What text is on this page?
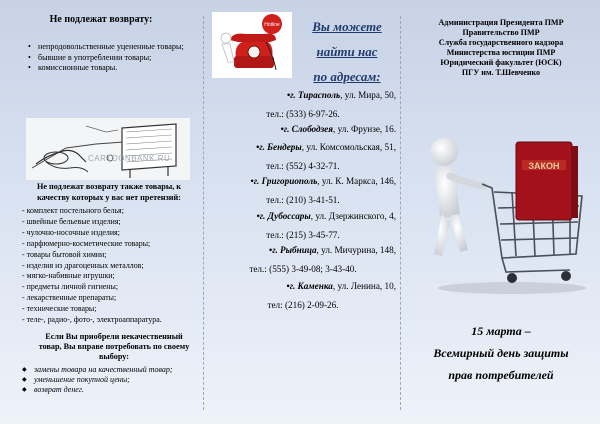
Не подлежат возврату:
• непродовольственные уцененные товары;
• бывшие в употреблении товары;
• комиссионные товары.
CARTOONBANK.RU
Не подлежат возврату также товары, к качеству которых у вас нет претензий:
- комплект постельного белья;
- швейные бельевые изделия;
- чулочно-носочные изделия;
- парфюмерно-косметические товары;
- товары бытовой химии;
- изделия из драгоценных металлов;
- мягко-набивные игрушки;
- предметы личной гигиены;
- лекарственные препараты;
- технические товары;
- теле-, радио-, фото-, электроаппаратура.
Если Вы приобрели некачественный товар, Вы вправе потребовать по своему выбору:
◆ замены товара на качественный товар;
◆ уменьшение покупной цены;
◆ возврат денег.
Hotline	Вы можете
найти нас
по адресам:
•г. Тирасполь, ул. Мира, 50,
тел.: (533) 6-97-26.
•г. Слободзея, ул. Фрунзе, 16.
•г. Бендеры, ул. Комсомольская, 51,
тел.: (552) 4-32-71.
•г. Григориополь, ул. К. Маркса, 146,
тел.: (210) 3-41-51.
•г. Дубоссары, ул. Дзержинского, 4,
тел.: (215) 3-45-77.
•г. Рыбница, ул. Мичурина, 148,
тел.: (555) 3-49-08; 3-43-40.
•г. Каменка, ул. Ленина, 10,
тел: (216) 2-09-26.
Администрация Президента ПМР
Правительство ПМР
Служба государственного надзора
Министерства юстиции ПМР
Юридический факультет (ЮСК)
ПГУ им. Т.Шевченко
ЗАКОН
15 марта –
Всемирный день защиты
прав потребителей
